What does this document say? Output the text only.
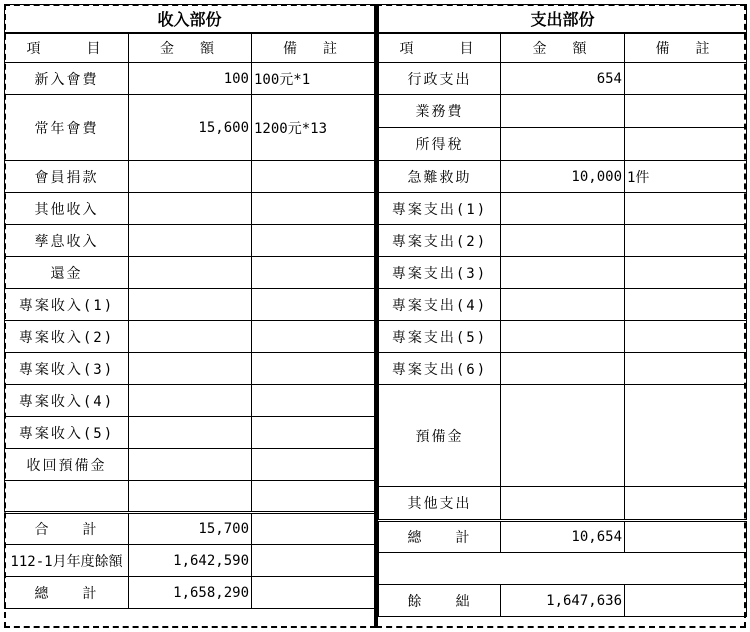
收入部份		
項　　目	金　額	備　註
新入會費	100	100元*1
常年會費	15,600	1200元*13
會員捐款		
其他收入		
孳息收入		
還金		
專案收入(1)		
專案收入(2)		
專案收入(3)		
專案收入(4)		
專案收入(5)		
收回預備金		

合　　計	15,700	
112-1月年度餘額	1,642,590	
總　　計	1,658,290	
支出部份		
項　　目	金　額	備　註
行政支出	654	
業務費		
所得稅		
急難救助	10,000	1件
專案支出(1)		
專案支出(2)		
專案支出(3)		
專案支出(4)		
專案支出(5)		
專案支出(6)		
預備金		
其他支出		
總　　計	10,654	

餘　　絀	1,647,636	
